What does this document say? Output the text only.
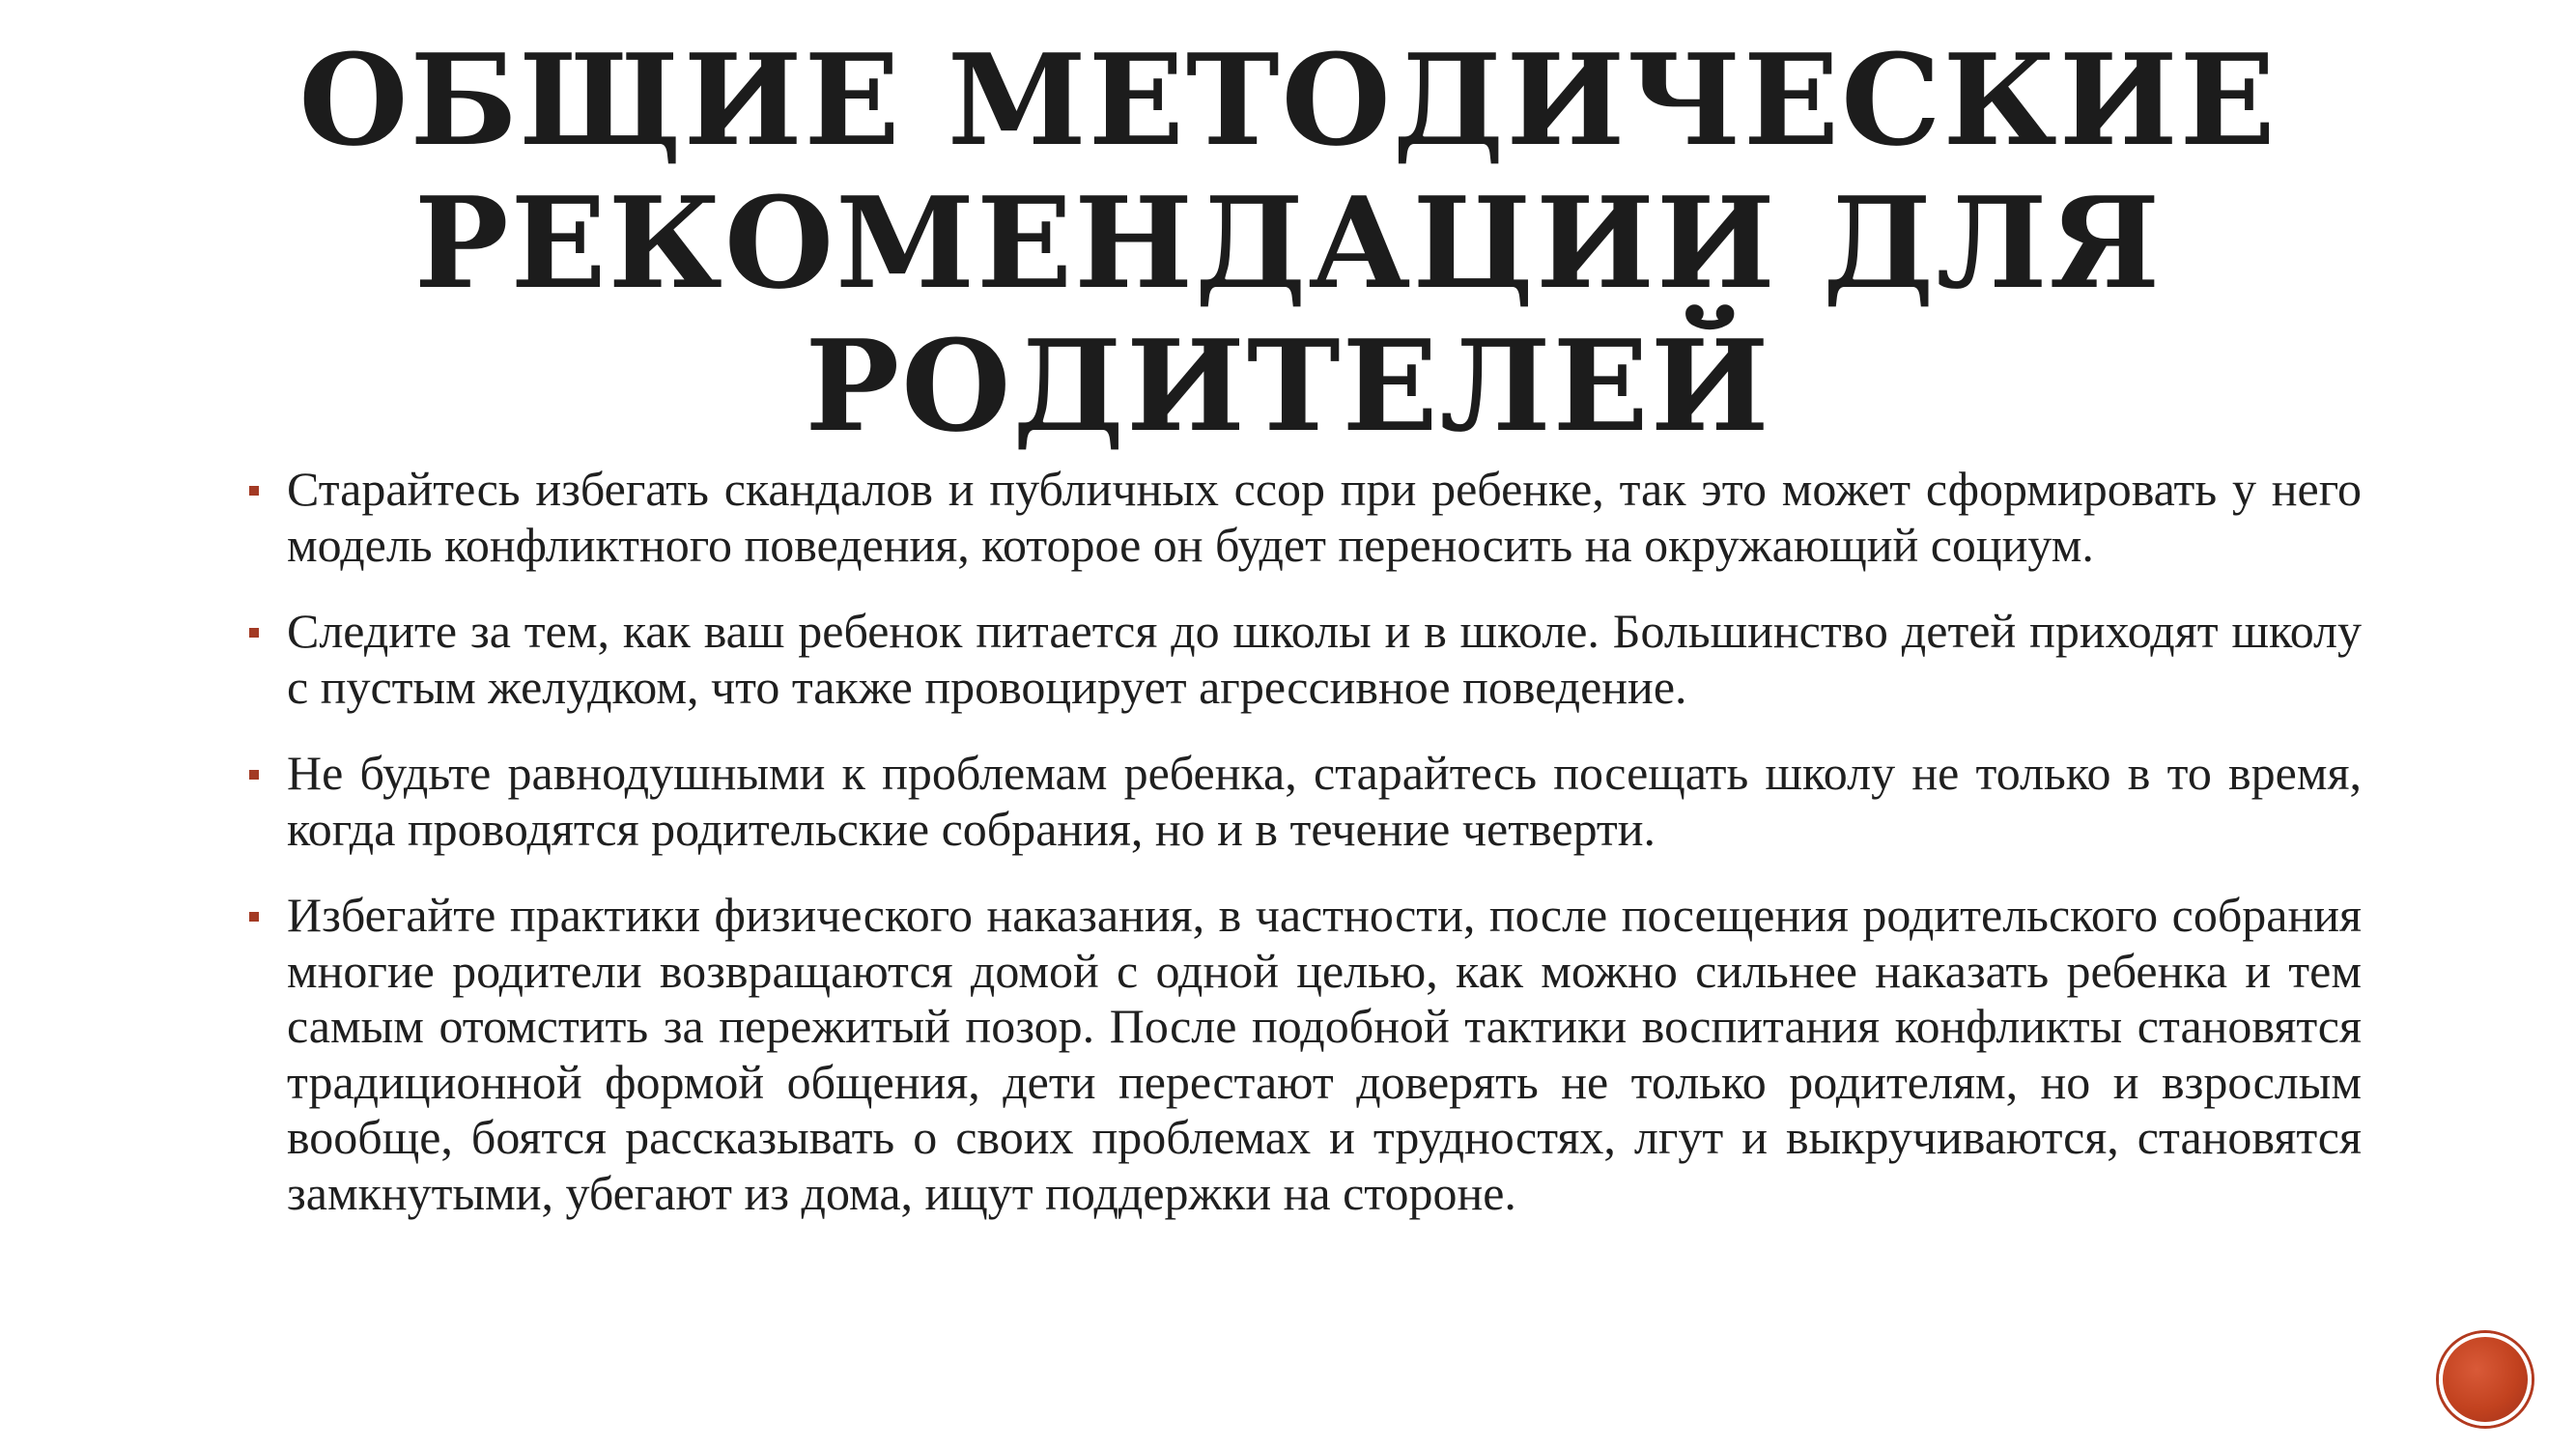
ОБЩИЕ МЕТОДИЧЕСКИЕ
РЕКОМЕНДАЦИИ ДЛЯ
РОДИТЕЛЕЙ
Старайтесь избегать скандалов и публичных ссор при ребенке, так это может сформировать у него модель конфликтного поведения, которое он будет переносить на окружающий социум.
Следите за тем, как ваш ребенок питается до школы и в школе. Большинство детей приходят школу с пустым желудком, что также провоцирует агрессивное поведение.
Не будьте равнодушными к проблемам ребенка, старайтесь посещать школу не только в то время, когда проводятся родительские собрания, но и в течение четверти.
Избегайте практики физического наказания, в частности, после посещения родительского собрания многие родители возвращаются домой с одной целью, как можно сильнее наказать ребенка и тем самым отомстить за пережитый позор. После подобной тактики воспитания конфликты становятся традиционной формой общения, дети перестают доверять не только родителям, но и взрослым вообще, боятся рассказывать о своих проблемах и трудностях, лгут и выкручиваются, становятся замкнутыми, убегают из дома, ищут поддержки на стороне.
